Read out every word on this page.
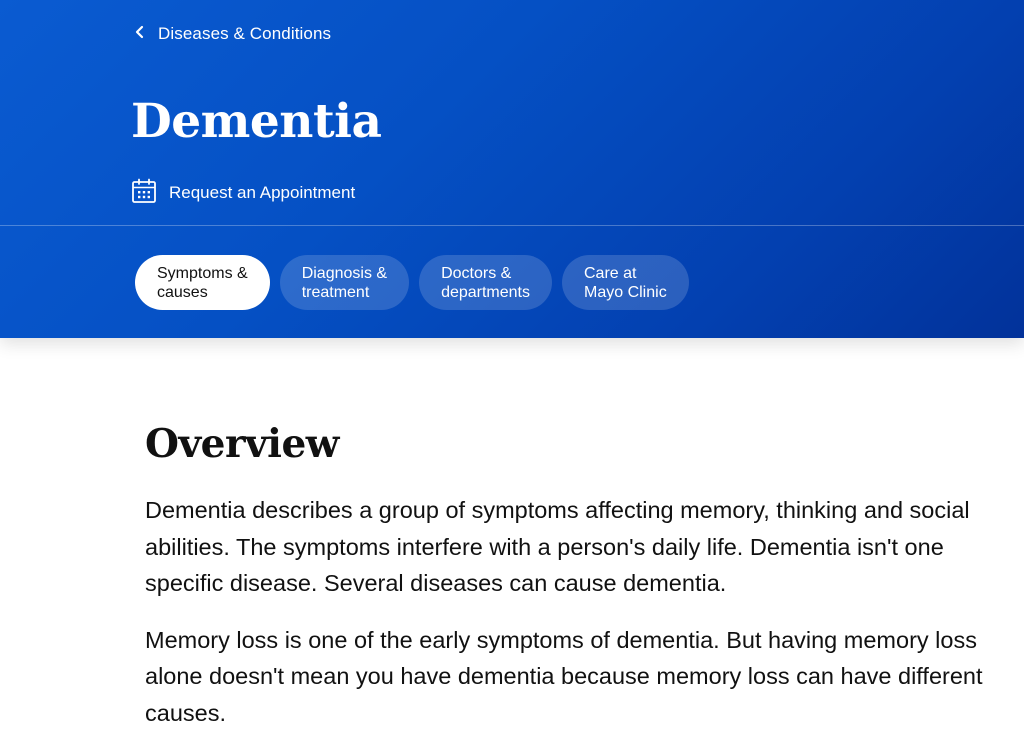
Diseases & Conditions
Dementia
Request an Appointment
Symptoms &
causes
Diagnosis &
treatment
Doctors &
departments
Care at
Mayo Clinic
Overview

Dementia describes a group of symptoms affecting memory, thinking and social abilities. The symptoms interfere with a person's daily life. Dementia isn't one specific disease. Several diseases can cause dementia.

Memory loss is one of the early symptoms of dementia. But having memory loss alone doesn't mean you have dementia because memory loss can have different causes.
